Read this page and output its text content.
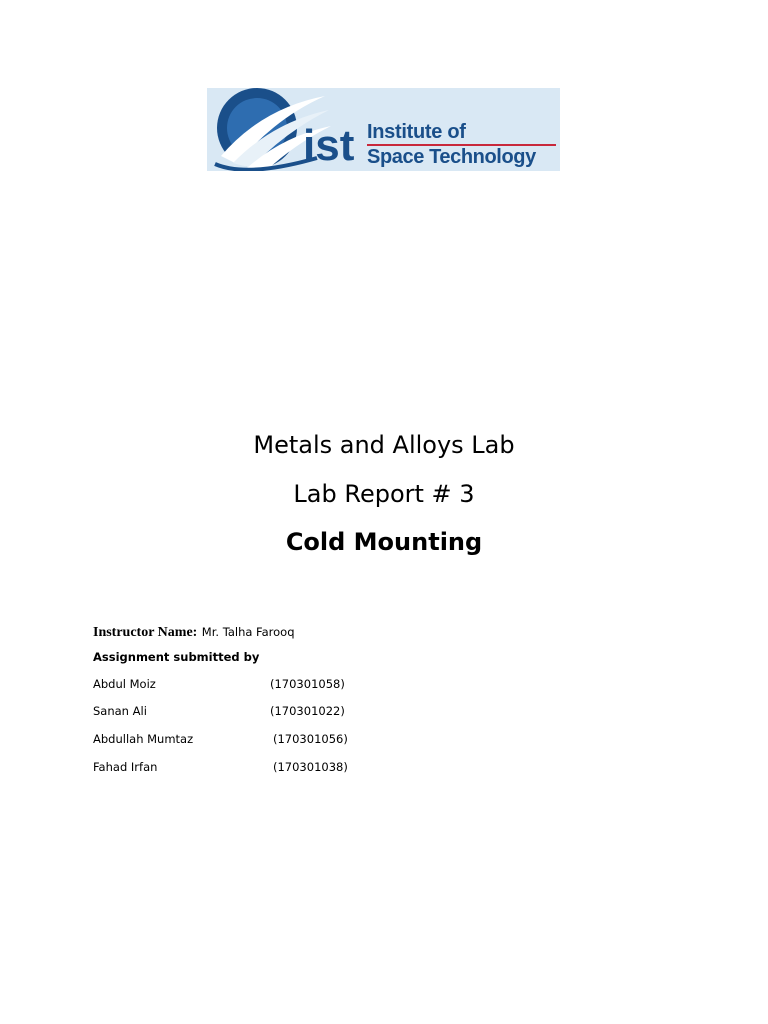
ist Institute of
Space Technology
Metals and Alloys Lab
Lab Report # 3
Cold Mounting
Instructor Name: Mr. Talha Farooq
Assignment submitted by
Abdul Moiz	(170301058)
Sanan Ali	(170301022)
Abdullah Mumtaz	(170301056)
Fahad Irfan	(170301038)
